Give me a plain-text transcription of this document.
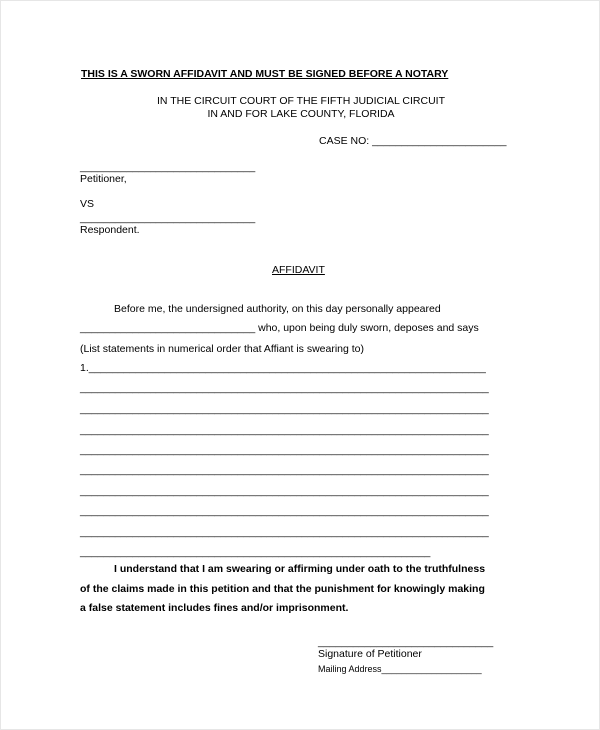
THIS IS A SWORN AFFIDAVIT AND MUST BE SIGNED BEFORE A NOTARY
IN THE CIRCUIT COURT OF THE FIFTH JUDICIAL CIRCUIT
IN AND FOR LAKE COUNTY, FLORIDA
CASE NO: _______________________
______________________________
Petitioner,
VS
______________________________
Respondent.
AFFIDAVIT
Before me, the undersigned authority, on this day personally appeared
______________________________ who, upon being duly sworn, deposes and says
(List statements in numerical order that Affiant is swearing to)
1.____________________________________________________________________
______________________________________________________________________
______________________________________________________________________
______________________________________________________________________
______________________________________________________________________
______________________________________________________________________
______________________________________________________________________
______________________________________________________________________
______________________________________________________________________
____________________________________________________________
I understand that I am swearing or affirming under oath to the truthfulness
of the claims made in this petition and that the punishment for knowingly making
a false statement includes fines and/or imprisonment.
______________________________
Signature of Petitioner
Mailing Address____________________
